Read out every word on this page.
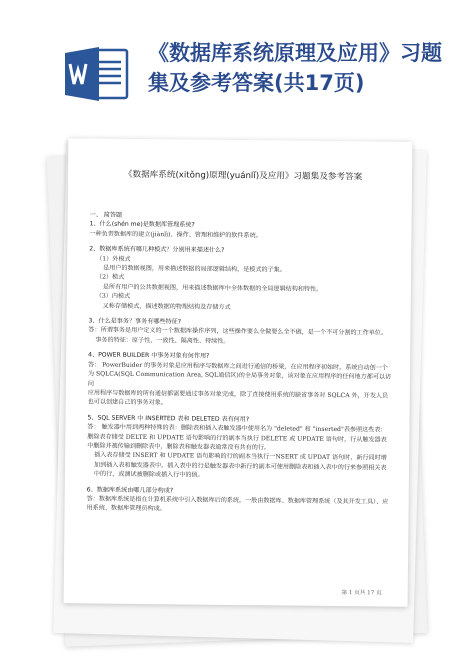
《数据库系统原理及应用》习题集及参考答案(共17页)
《数据库系统(xitǒng)原理(yuánlǐ)及应用》习题集及参考答案

一、 简答题

1、什么(shén me)是数据库管理系统?

一种负责数据库的建立(jiànlì)、操作、管理和维护的软件系统。

2、数据库系统有哪几种模式？分别用来描述什么?

（1）外模式

是用户的数据视图，用来描述数据的局部逻辑结构，是模式的子集。

（2）模式

是所有用户的公共数据视图，用来描述数据库中全体数据的全局逻辑结构和特性。

（3）内模式

又称存储模式，描述数据的物理结构及存储方式

3、什么是事务？事务有哪些特征?

答：所谓事务是用户定义的一个数据库操作序列，这些操作要么全做要么全不做，是一个不可分割的工作单位。

事务的特征：原子性、一致性、隔离性、持续性。

4、POWER BUILDER 中事务对象有何作用?

答： PowerBuider 的事务对象是应用程序与数据库之间进行通信的桥梁，在应用程序初始时，系统自动创一个为 SQLCA(SQL Communication Area, SQL通信区)的全局事务对象，该对象在应用程序的任何地方都可以访问

应用程序与数据库的所有通信都需要通过事务对象完成，除了直接使用系统的缺省事务对 SQLCA 外，开发人员也可以创建自己的事务对象。

5、SQL SERVER 中 INSERTED 表和 DELETED 表有何用?

答： 触发器中用到两种特殊的表：删除表和插入表触发器中使用名为 "deleted" 和 "inserted"表参照这些表：删除表存储受 DELTE 和 UPDATE 语句影响的行的副本当执行 DELETE 或 UPDATE 语句时，行从触发器表中删除并被传输到删除表中，删除表和触发器表通常没有共有的行。

插入表存储受 INSERT 和 UPDATE 语句影响的行的副本当执行一NSERT 或 UPDAT 语句时，新行同时增加到插入表和触发器表中。插入表中的行是触发器表中新行的副本可使用删除表和插入表中的行来参照相关表中的行，或测试被删除或插入行中的值。

6、数据库系统由哪几部分构成?

答：数据库系统是指在计算机系统中引入数据库后的系统，一般由数据库、数据库管理系统（及其开发工具）、应用系统、数据库管理员构成。

第 1 页共 17 页
